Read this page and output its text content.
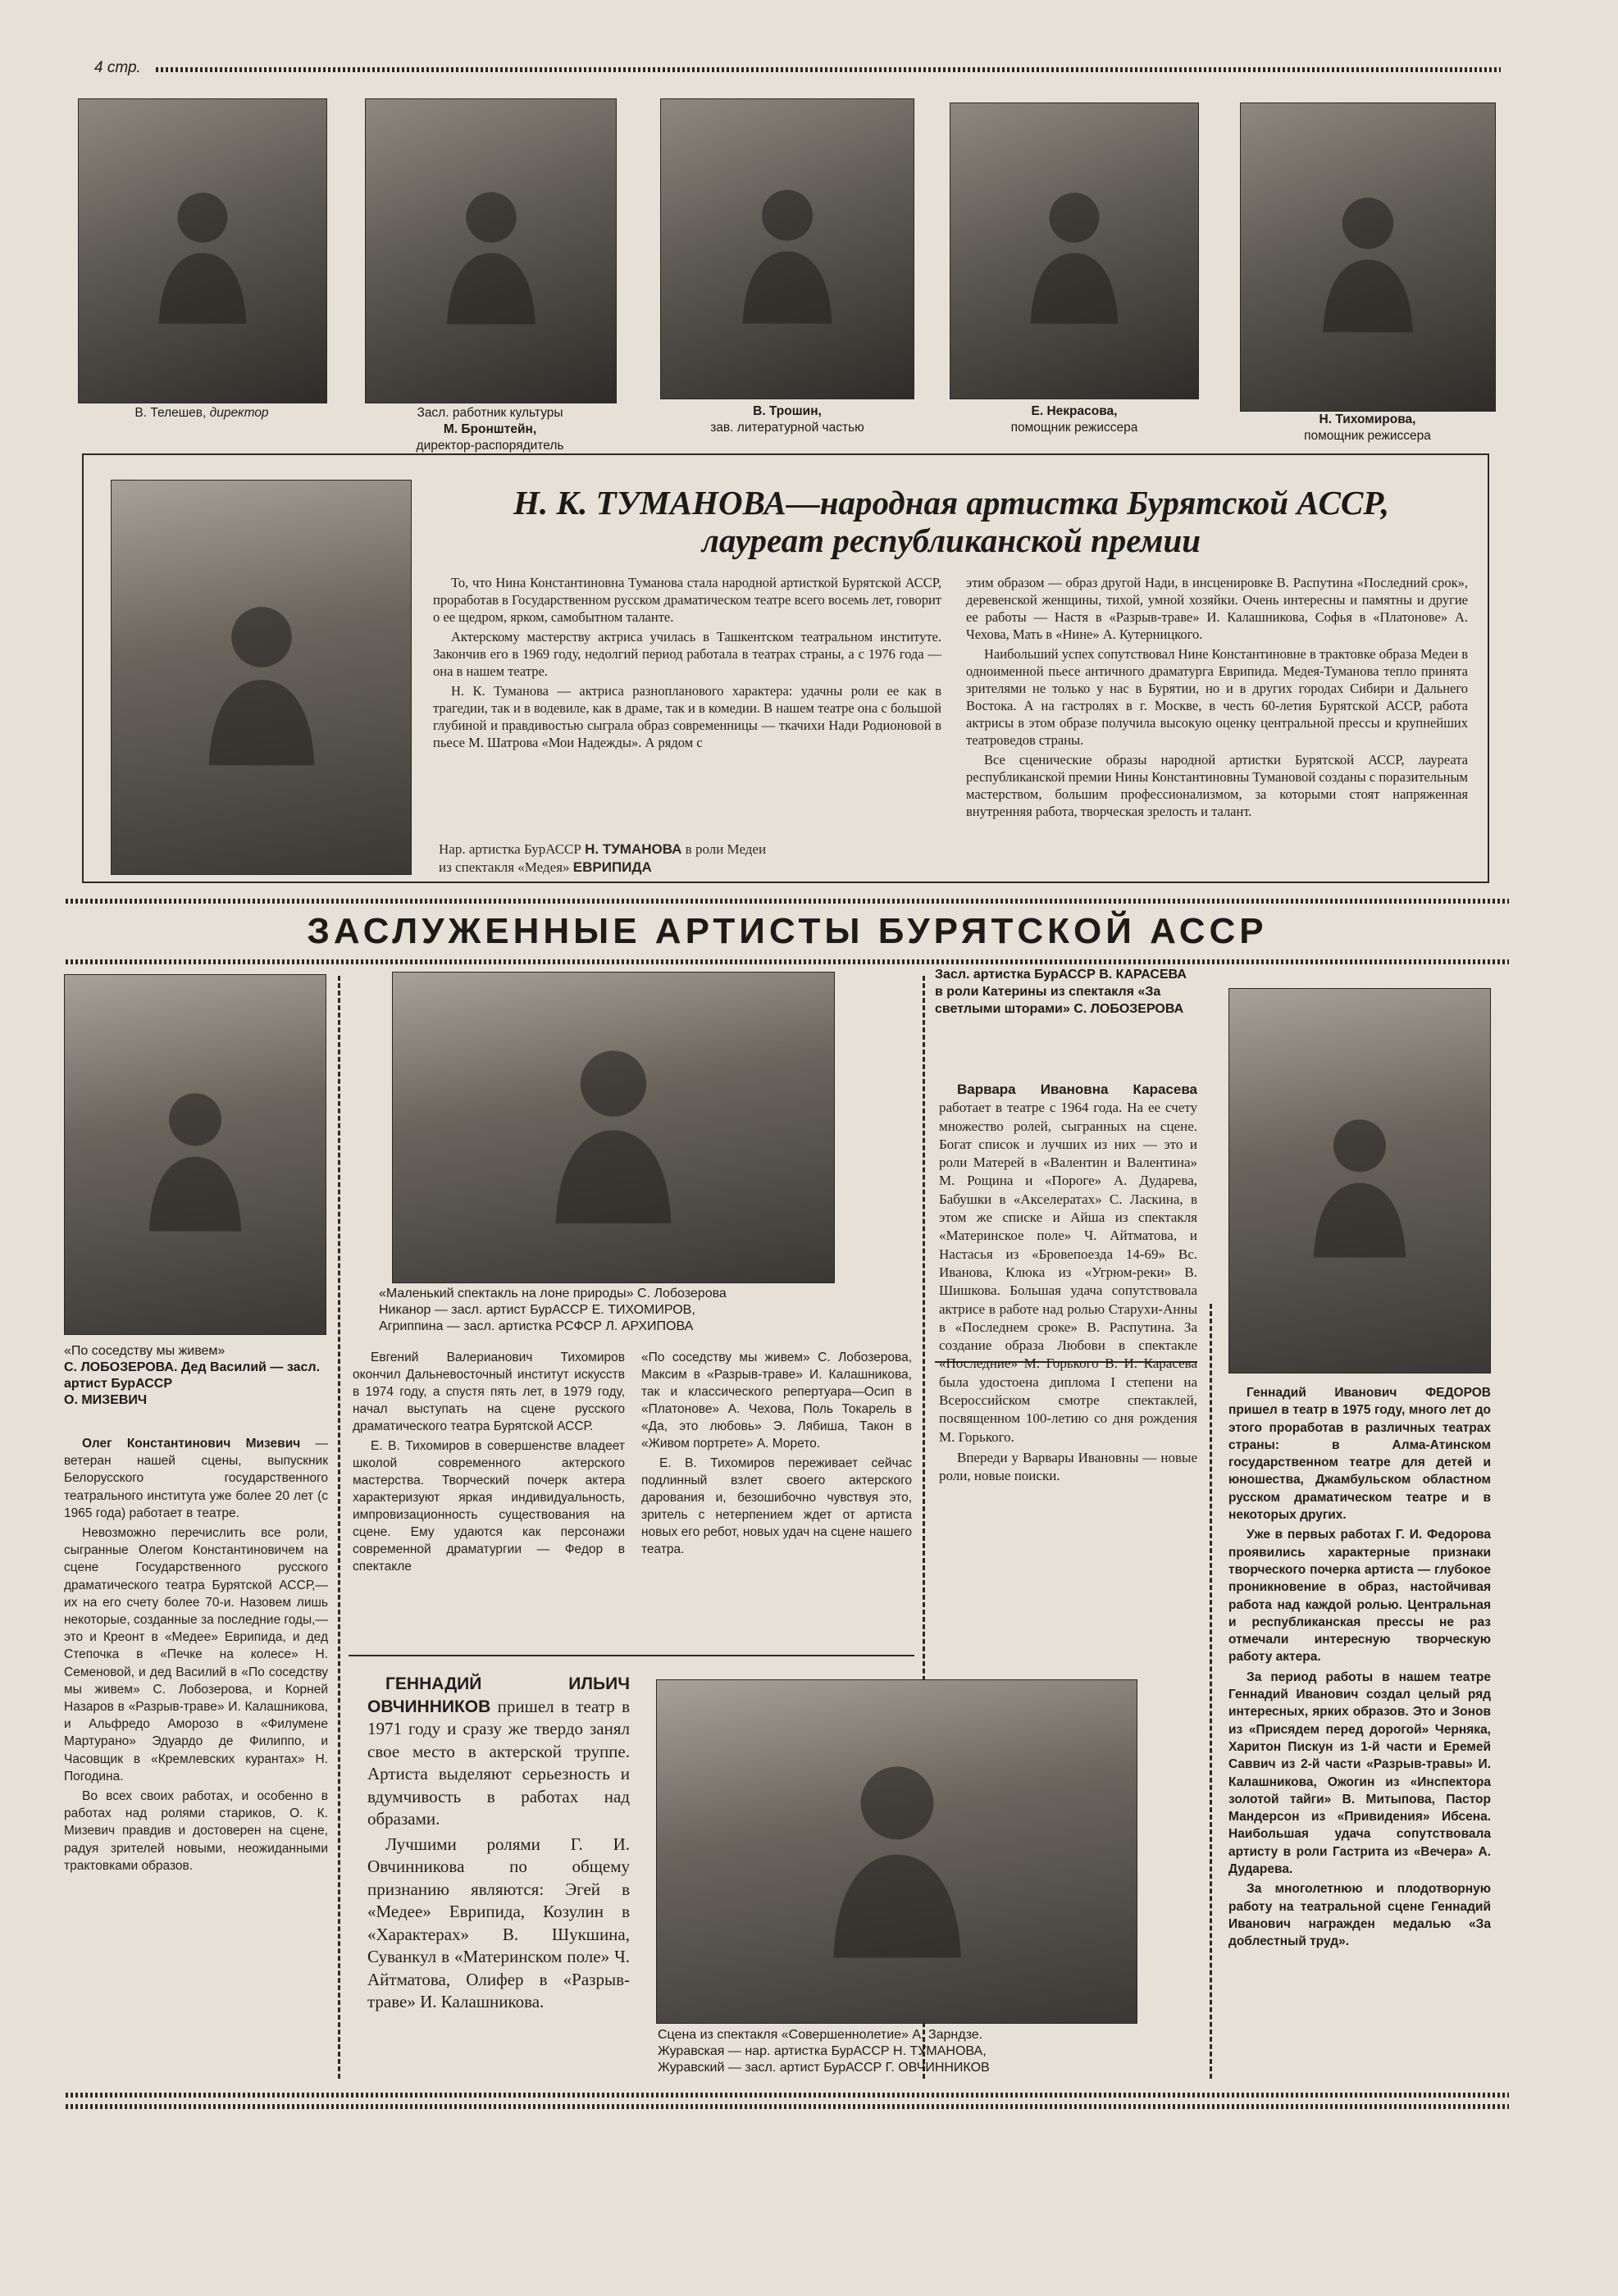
4 стр.
В. Телешев, директор	Засл. работник культуры
М. Бронштейн,
директор-распорядитель
В. Трошин,
зав. литературной частью
Е. Некрасова,
помощник режиссера
Н. Тихомирова,
помощник режиссера
Н. К. ТУМАНОВА—народная артистка Бурятской АССР,
лауреат республиканской премии

То, что Нина Константиновна Туманова стала народной артисткой Бурятской АССР, проработав в Государственном русском драматическом театре всего восемь лет, говорит о ее щедром, ярком, самобытном таланте.

Актерскому мастерству актриса училась в Ташкентском театральном институте. Закончив его в 1969 году, недолгий период работала в театрах страны, а с 1976 года — она в нашем театре.

Н. К. Туманова — актриса разнопланового характера: удачны роли ее как в трагедии, так и в водевиле, как в драме, так и в комедии. В нашем театре она с большой глубиной и правдивостью сыграла образ современницы — ткачихи Нади Родионовой в пьесе М. Шатрова «Мои Надежды». А рядом с

этим образом — образ другой Нади, в инсценировке В. Распутина «Последний срок», деревенской женщины, тихой, умной хозяйки. Очень интересны и памятны и другие ее работы — Настя в «Разрыв-траве» И. Калашникова, Софья в «Платонове» А. Чехова, Мать в «Нине» А. Кутерницкого.

Наибольший успех сопутствовал Нине Константиновне в трактовке образа Медеи в одноименной пьесе античного драматурга Еврипида. Медея-Туманова тепло принята зрителями не только у нас в Бурятии, но и в других городах Сибири и Дальнего Востока. А на гастролях в г. Москве, в честь 60-летия Бурятской АССР, работа актрисы в этом образе получила высокую оценку центральной прессы и крупнейших театроведов страны.

Все сценические образы народной артистки Бурятской АССР, лауреата республиканской премии Нины Константиновны Тумановой созданы с поразительным мастерством, большим профессионализмом, за которыми стоят напряженная внутренняя работа, творческая зрелость и талант.

Нар. артистка БурАССР Н. ТУМАНОВА в роли Медеи
из спектакля «Медея» ЕВРИПИДА
ЗАСЛУЖЕННЫЕ АРТИСТЫ БУРЯТСКОЙ АССР
«По соседству мы живем»
С. ЛОБОЗЕРОВА. Дед Василий — засл. артист БурАССР
О. МИЗЕВИЧ

Олег Константинович Мизевич — ветеран нашей сцены, выпускник Белорусского государственного театрального института уже более 20 лет (с 1965 года) работает в театре.

Невозможно перечислить все роли, сыгранные Олегом Константиновичем на сцене Государственного русского драматического театра Бурятской АССР,— их на его счету более 70-и. Назовем лишь некоторые, созданные за последние годы,— это и Креонт в «Медее» Еврипида, и дед Степочка в «Печке на колесе» Н. Семеновой, и дед Василий в «По соседству мы живем» С. Лобозерова, и Корней Назаров в «Разрыв-траве» И. Калашникова, и Альфредо Аморозо в «Филумене Мартурано» Эдуардо де Филиппо, и Часовщик в «Кремлевских курантах» Н. Погодина.

Во всех своих работах, и особенно в работах над ролями стариков, О. К. Мизевич правдив и достоверен на сцене, радуя зрителей новыми, неожиданными трактовками образов.

«Маленький спектакль на лоне природы» С. Лобозерова
Никанор — засл. артист БурАССР Е. ТИХОМИРОВ,
Агриппина — засл. артистка РСФСР Л. АРХИПОВА

Евгений Валерианович Тихомиров окончил Дальневосточный институт искусств в 1974 году, а спустя пять лет, в 1979 году, начал выступать на сцене русского драматического театра Бурятской АССР.

Е. В. Тихомиров в совершенстве владеет школой современного актерского мастерства. Творческий почерк актера характеризуют яркая индивидуальность, импровизационность существования на сцене. Ему удаются как персонажи современной драматургии — Федор в спектакле

«По соседству мы живем» С. Лобозерова, Максим в «Разрыв-траве» И. Калашникова, так и классического репертуара—Осип в «Платонове» А. Чехова, Поль Токарель в «Да, это любовь» Э. Лябиша, Такон в «Живом портрете» А. Морето.

Е. В. Тихомиров переживает сейчас подлинный взлет своего актерского дарования и, безошибочно чувствуя это, зритель с нетерпением ждет от артиста новых его ребот, новых удач на сцене нашего театра.

Засл. артистка БурАССР В. КАРАСЕВА в роли Катерины из спектакля «За светлыми шторами» С. ЛОБОЗЕРОВА

Варвара Ивановна Карасева работает в театре с 1964 года. На ее счету множество ролей, сыгранных на сцене. Богат список и лучших из них — это и роли Матерей в «Валентин и Валентина» М. Рощина и «Пороге» А. Дударева, Бабушки в «Акселератах» С. Ласкина, в этом же списке и Айша из спектакля «Материнское поле» Ч. Айтматова, и Настасья из «Бровепоезда 14-69» Вс. Иванова, Клюка из «Угрюм-реки» В. Шишкова. Большая удача сопутствовала актрисе в работе над ролью Старухи-Анны в «Последнем сроке» В. Распутина. За создание образа Любови в спектакле «Последние» М. Горького В. И. Карасева была удостоена диплома I степени на Всероссийском смотре спектаклей, посвященном 100-летию со дня рождения М. Горького.

Впереди у Варвары Ивановны — новые роли, новые поиски.

Геннадий Иванович ФЕДОРОВ пришел в театр в 1975 году, много лет до этого проработав в различных театрах страны: в Алма-Атинском государственном театре для детей и юношества, Джамбульском областном русском драматическом театре и в некоторых других.

Уже в первых работах Г. И. Федорова проявились характерные признаки творческого почерка артиста — глубокое проникновение в образ, настойчивая работа над каждой ролью. Центральная и республиканская прессы не раз отмечали интересную творческую работу актера.

За период работы в нашем театре Геннадий Иванович создал целый ряд интересных, ярких образов. Это и Зонов из «Присядем перед дорогой» Черняка, Харитон Пискун из 1-й части и Еремей Саввич из 2-й части «Разрыв-травы» И. Калашникова, Ожогин из «Инспектора золотой тайги» В. Митыпова, Пастор Мандерсон из «Привидения» Ибсена. Наибольшая удача сопутствовала артисту в роли Гастрита из «Вечера» А. Дударева.

За многолетнюю и плодотворную работу на театральной сцене Геннадий Иванович награжден медалью «За доблестный труд».

ГЕННАДИЙ ИЛЬИЧ ОВЧИННИКОВ пришел в театр в 1971 году и сразу же твердо занял свое место в актерской труппе. Артиста выделяют серьезность и вдумчивость в работах над образами.

Лучшими ролями Г. И. Овчинникова по общему признанию являются: Эгей в «Медее» Еврипида, Козулин в «Характерах» В. Шукшина, Суванкул в «Материнском поле» Ч. Айтматова, Олифер в «Разрыв-траве» И. Калашникова.

Сцена из спектакля «Совершеннолетие» А. Зарндзе.
Журавская — нар. артистка БурАССР Н. ТУМАНОВА,
Журавский — засл. артист БурАССР Г. ОВЧИННИКОВ
